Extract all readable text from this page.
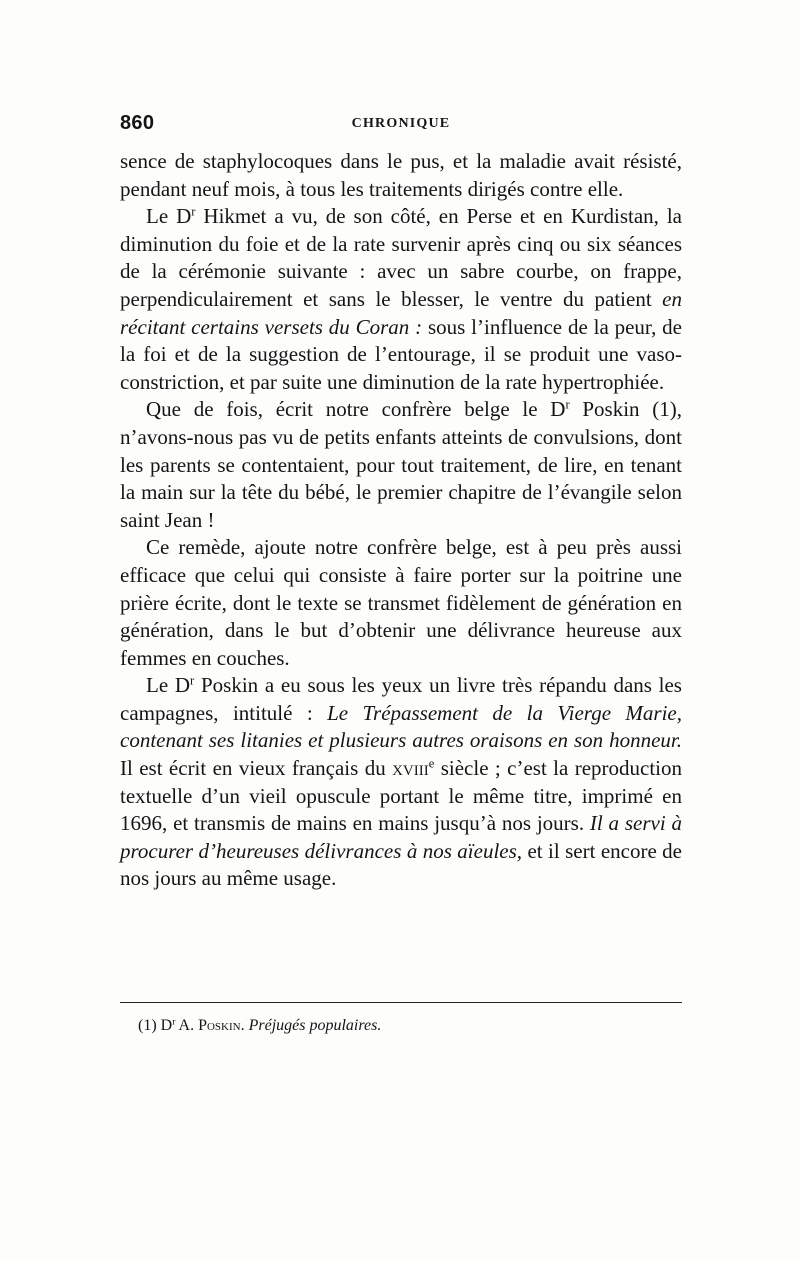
860	CHRONIQUE

sence de staphylocoques dans le pus, et la maladie avait résisté, pendant neuf mois, à tous les traitements dirigés contre elle.

Le $D^r$ Hikmet a vu, de son côté, en Perse et en Kurdistan, la diminution du foie et de la rate survenir après cinq ou six séances de la cérémonie suivante : avec un sabre courbe, on frappe, perpendiculairement et sans le blesser, le ventre du patient en récitant certains versets du Coran : sous l’influence de la peur, de la foi et de la suggestion de l’entourage, il se produit une vaso-constriction, et par suite une diminution de la rate hypertrophiée.

Que de fois, écrit notre confrère belge le $D^r$ Poskin (1), n’avons-nous pas vu de petits enfants atteints de convulsions, dont les parents se contentaient, pour tout traitement, de lire, en tenant la main sur la tête du bébé, le premier chapitre de l’évangile selon saint Jean !

Ce remède, ajoute notre confrère belge, est à peu près aussi efficace que celui qui consiste à faire porter sur la poitrine une prière écrite, dont le texte se transmet fidèlement de génération en génération, dans le but d’obtenir une délivrance heureuse aux femmes en couches.

Le $D^r$ Poskin a eu sous les yeux un livre très répandu dans les campagnes, intitulé : Le Trépassement de la Vierge Marie, contenant ses litanies et plusieurs autres oraisons en son honneur. Il est écrit en vieux français du xviii$^e$ siècle ; c’est la reproduction textuelle d’un vieil opuscule portant le même titre, imprimé en 1696, et transmis de mains en mains jusqu’à nos jours. Il a servi à procurer d’heureuses délivrances à nos aïeules, et il sert encore de nos jours au même usage.

(1) $D^r$ A. Poskin. Préjugés populaires.
